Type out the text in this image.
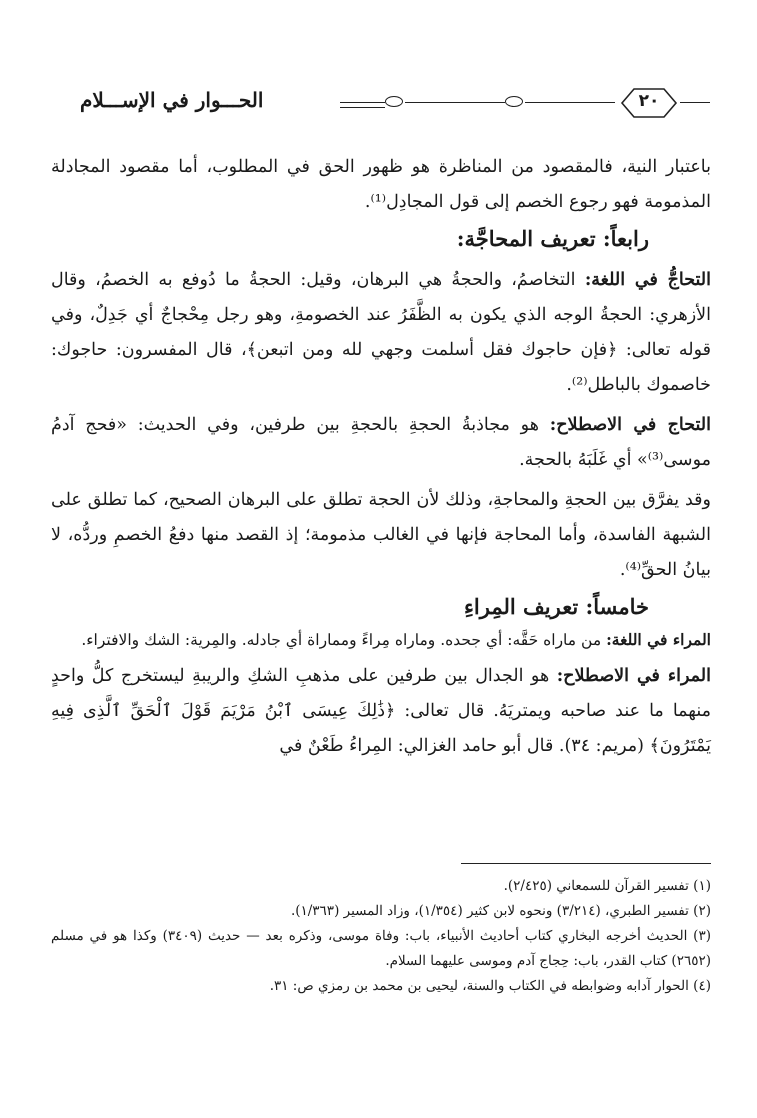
٢٠
الحـــوار في الإســـلام

باعتبار النية، فالمقصود من المناظرة هو ظهور الحق في المطلوب، أما مقصود المجادلة المذمومة فهو رجوع الخصم إلى قول المجادِل⁽¹⁾.

رابعاً: تعريف المحاجَّة:

التحاجُّ في اللغة: التخاصمُ، والحجةُ هي البرهان، وقيل: الحجةُ ما دُوفع به الخصمُ، وقال الأزهري: الحجةُ الوجه الذي يكون به الظَّفَرُ عند الخصومةِ، وهو رجل مِحْجاجٌ أي جَدِلٌ، وفي قوله تعالى: ﴿فإن حاجوك فقل أسلمت وجهي لله ومن اتبعن﴾، قال المفسرون: حاجوك: خاصموك بالباطل⁽²⁾.

التحاج في الاصطلاح: هو مجاذبةُ الحجةِ بالحجةِ بين طرفين، وفي الحديث: «فحج آدمُ موسى⁽³⁾» أي غَلَبَهُ بالحجة.

وقد يفرَّق بين الحجةِ والمحاجةِ، وذلك لأن الحجة تطلق على البرهان الصحيح، كما تطلق على الشبهة الفاسدة، وأما المحاجة فإنها في الغالب مذمومة؛ إذ القصد منها دفعُ الخصمِ وردُّه، لا بيانُ الحقِّ⁽⁴⁾.

خامساً: تعريف المِراءِ

المراء في اللغة: من ماراه حَقَّه: أي جحده. وماراه مِراءً ومماراة أي جادله. والمِرية: الشك والافتراء.

المراء في الاصطلاح: هو الجدال بين طرفين على مذهبِ الشكِ والريبةِ ليستخرج كلُّ واحدٍ منهما ما عند صاحبه ويمتريَهُ. قال تعالى: ﴿ذَٰلِكَ عِيسَى ٱبْنُ مَرْيَمَ قَوْلَ ٱلْحَقِّ ٱلَّذِى فِيهِ يَمْتَرُونَ﴾ (مريم: ٣٤). قال أبو حامد الغزالي: المِراءُ طَعْنٌ في

(١) تفسير القرآن للسمعاني (٢/٤٢٥).

(٢) تفسير الطبري، (٣/٢١٤) ونحوه لابن كثير (١/٣٥٤)، وزاد المسير (١/٣٦٣).

(٣) الحديث أخرجه البخاري كتاب أحاديث الأنبياء، باب: وفاة موسى، وذكره بعد — حديث (٣٤٠٩) وكذا هو في مسلم (٢٦٥٢) كتاب القدر، باب: حِجاج آدم وموسى عليهما السلام.

(٤) الحوار آدابه وضوابطه في الكتاب والسنة، ليحيى بن محمد بن رمزي ص: ٣١.
